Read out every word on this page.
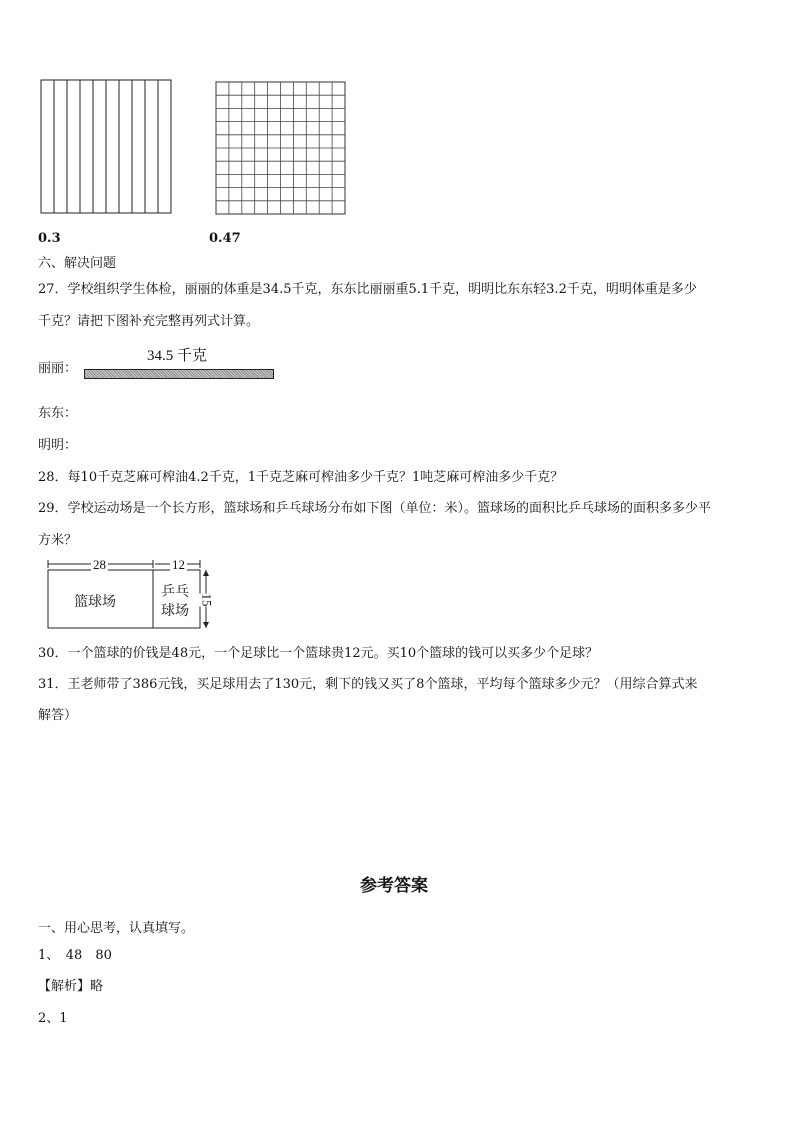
0.3	0.47
六、解决问题
27．学校组织学生体检，丽丽的体重是34.5千克，东东比丽丽重5.1千克，明明比东东轻3.2千克，明明体重是多少
千克？请把下图补充完整再列式计算。
丽丽：
34.5 千克
东东：
明明：
28．每10千克芝麻可榨油4.2千克，1千克芝麻可榨油多少千克？1吨芝麻可榨油多少千克？
29．学校运动场是一个长方形，篮球场和乒乓球场分布如下图（单位：米）。篮球场的面积比乒乓球场的面积多多少平
方米？
28	12
15
篮球场
乒乓
球场
30．一个篮球的价钱是48元，一个足球比一个篮球贵12元。买10个篮球的钱可以买多少个足球？
31．王老师带了386元钱，买足球用去了130元，剩下的钱又买了8个篮球，平均每个篮球多少元？（用综合算式来
解答）
参考答案
一、用心思考，认真填写。
1、　48　80
【解析】略
2、1
